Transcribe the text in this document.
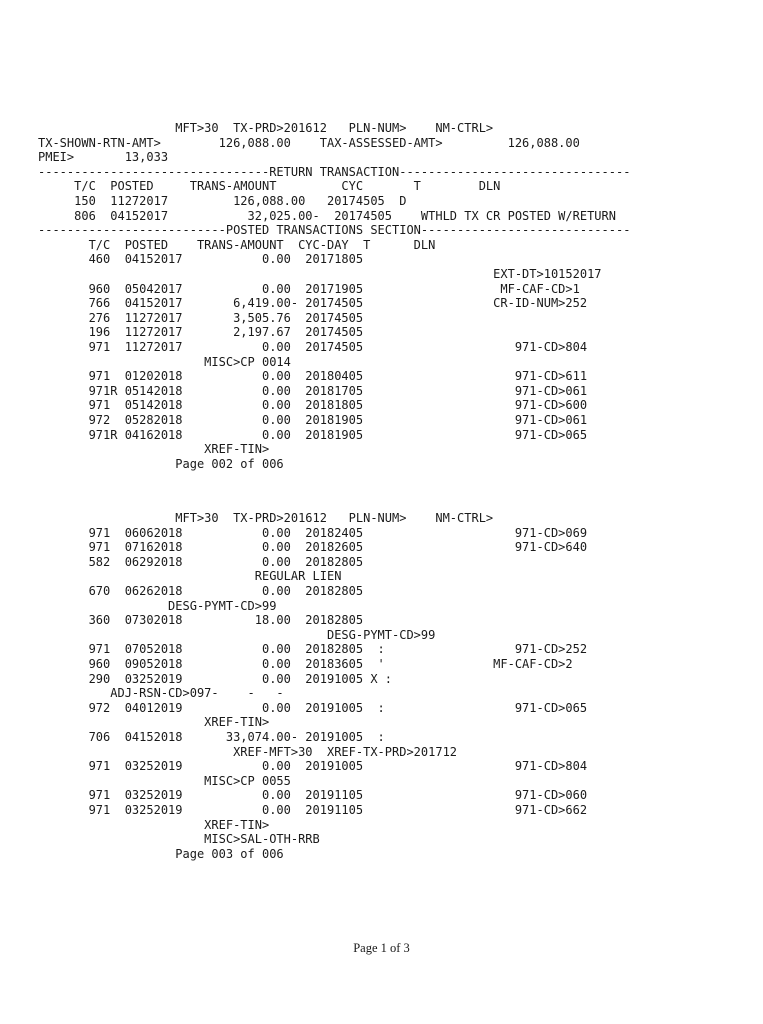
MFT>30  TX-PRD>201612   PLN-NUM>    NM-CTRL>
TX-SHOWN-RTN-AMT>        126,088.00    TAX-ASSESSED-AMT>         126,088.00
PMEI>       13,033
--------------------------------RETURN TRANSACTION--------------------------------
T/C  POSTED     TRANS-AMOUNT         CYC       T        DLN
150  11272017         126,088.00   20174505  D
806  04152017           32,025.00-  20174505    WTHLD TX CR POSTED W/RETURN
--------------------------POSTED TRANSACTIONS SECTION-----------------------------
T/C  POSTED    TRANS-AMOUNT  CYC-DAY  T      DLN
460  04152017           0.00  20171805
EXT-DT>10152017
960  05042017           0.00  20171905                   MF-CAF-CD>1
766  04152017       6,419.00- 20174505                  CR-ID-NUM>252
276  11272017       3,505.76  20174505
196  11272017       2,197.67  20174505
971  11272017           0.00  20174505                     971-CD>804
MISC>CP 0014
971  01202018           0.00  20180405                     971-CD>611
971R 05142018           0.00  20181705                     971-CD>061
971  05142018           0.00  20181805                     971-CD>600
972  05282018           0.00  20181905                     971-CD>061
971R 04162018           0.00  20181905                     971-CD>065
XREF-TIN>
Page 002 of 006
MFT>30  TX-PRD>201612   PLN-NUM>    NM-CTRL>
971  06062018           0.00  20182405                     971-CD>069
971  07162018           0.00  20182605                     971-CD>640
582  06292018           0.00  20182805
REGULAR LIEN
670  06262018           0.00  20182805
DESG-PYMT-CD>99
360  07302018          18.00  20182805
DESG-PYMT-CD>99
971  07052018           0.00  20182805  :                  971-CD>252
960  09052018           0.00  20183605  '               MF-CAF-CD>2
290  03252019           0.00  20191005 X :
ADJ-RSN-CD>097-    -   -
972  04012019           0.00  20191005  :                  971-CD>065
XREF-TIN>
706  04152018      33,074.00- 20191005  :
XREF-MFT>30  XREF-TX-PRD>201712
971  03252019           0.00  20191005                     971-CD>804
MISC>CP 0055
971  03252019           0.00  20191105                     971-CD>060
971  03252019           0.00  20191105                     971-CD>662
XREF-TIN>
MISC>SAL-OTH-RRB
Page 003 of 006
Page 1 of 3
